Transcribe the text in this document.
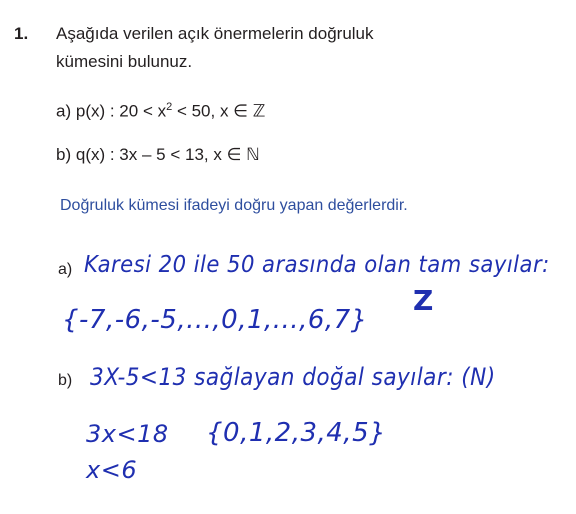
1. Aşağıda verilen açık önermelerin doğruluk
kümesini bulunuz.
a) p(x) : $20 < x^2 < 50$, x ∈ ℤ
b) q(x) : 3x – 5 < 13, x ∈ ℕ
Doğruluk kümesi ifadeyi doğru yapan değerlerdir.
a) Karesi 20 ile 50 arasında olan tam sayılar:
{-7,-6,-5,...,0,1,...,6,7}
Z
b) 3X-5<13 sağlayan doğal sayılar: (N)
3x<18 {0,1,2,3,4,5}
x<6
